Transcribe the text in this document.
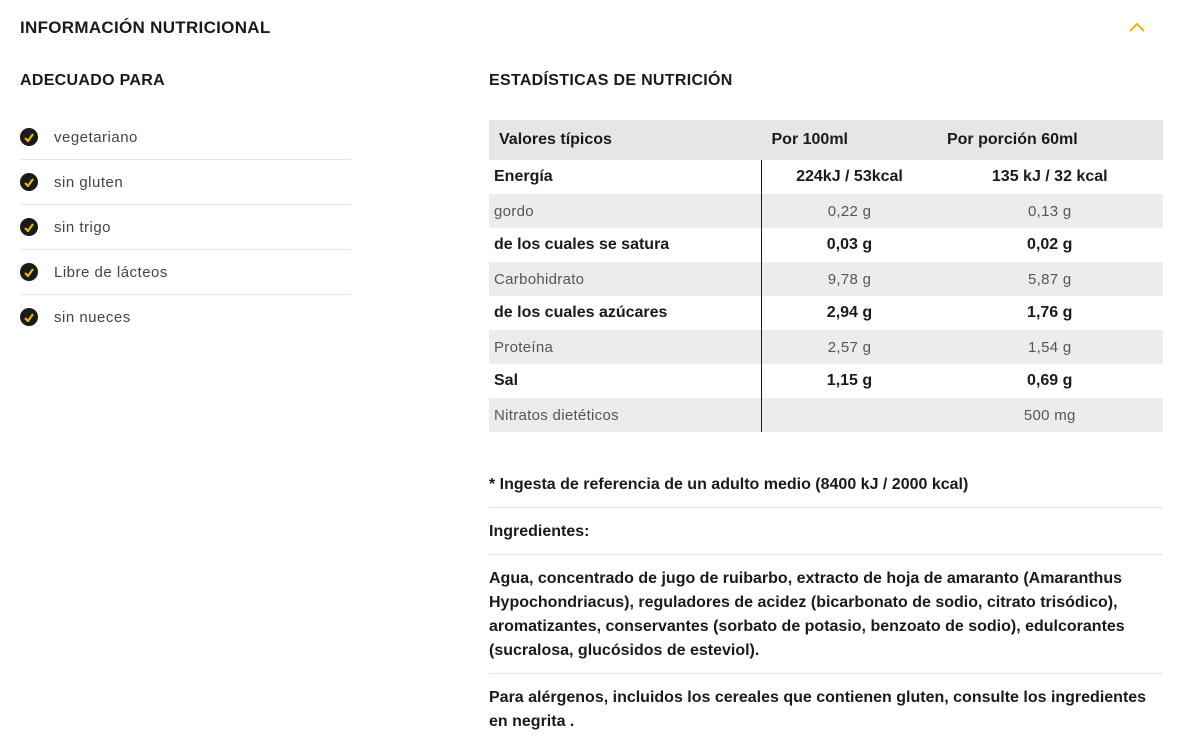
INFORMACIÓN NUTRICIONAL
ADECUADO PARA
vegetariano
sin gluten
sin trigo
Libre de lácteos
sin nueces
ESTADÍSTICAS DE NUTRICIÓN
Valores típicos	Por 100ml	Por porción 60ml
Energía	224kJ / 53kcal	135 kJ / 32 kcal
gordo	0,22 g	0,13 g
de los cuales se satura	0,03 g	0,02 g
Carbohidrato	9,78 g	5,87 g
de los cuales azúcares	2,94 g	1,76 g
Proteína	2,57 g	1,54 g
Sal	1,15 g	0,69 g
Nitratos dietéticos		500 mg
* Ingesta de referencia de un adulto medio (8400 kJ / 2000 kcal)
Ingredientes:
Agua, concentrado de jugo de ruibarbo, extracto de hoja de amaranto (Amaranthus Hypochondriacus), reguladores de acidez (bicarbonato de sodio, citrato trisódico), aromatizantes, conservantes (sorbato de potasio, benzoato de sodio), edulcorantes (sucralosa, glucósidos de esteviol).
Para alérgenos, incluidos los cereales que contienen gluten, consulte los ingredientes en negrita .
